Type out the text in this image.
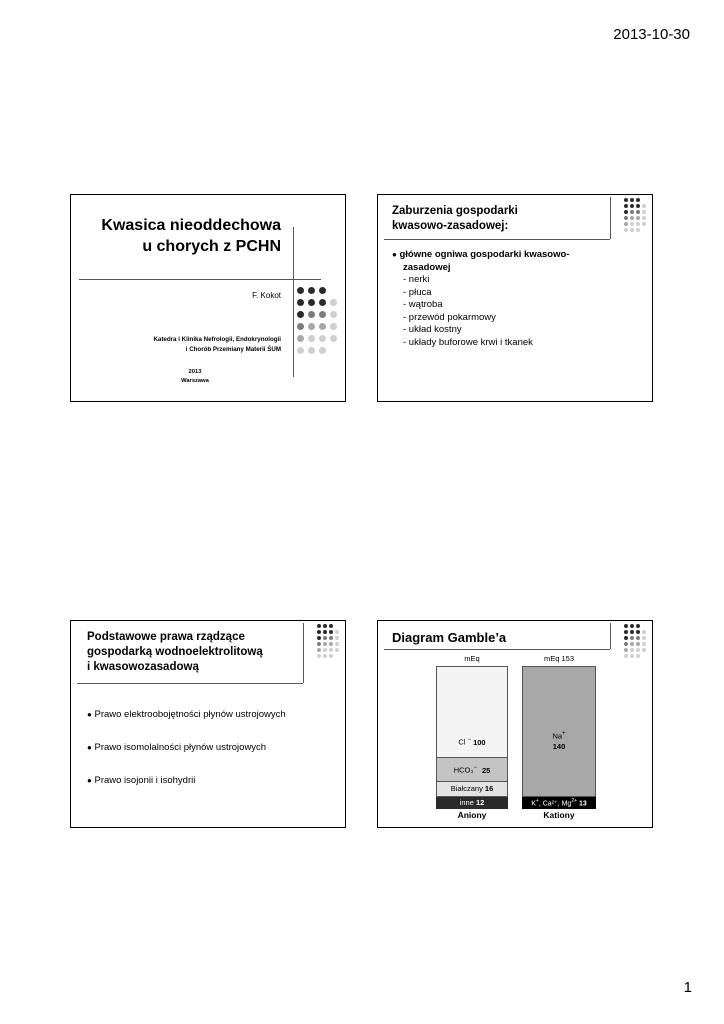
2013-10-30
Kwasica nieoddechowa
u chorych z PCHN
F. Kokot
Katedra i Klinika Nefrologii, Endokrynologii
i Chorób Przemiany Materii ŚUM
2013
Warszawa
Zaburzenia gospodarki
kwasowo-zasadowej:
● główne ogniwa gospodarki kwasowo-
zasadowej
- nerki
- płuca
- wątroba
- przewód pokarmowy
- układ kostny
- układy buforowe krwi i tkanek
Podstawowe prawa rządzące
gospodarką wodnoelektrolitową
i kwasowozasadową
● Prawo elektroobojętności płynów ustrojowych
● Prawo isomolalności płynów ustrojowych
● Prawo isojonii i isohydrii
Diagram Gamble’a
mEq
Cl − 100
HCO₃− 25
Białczany 16
inne 12
Aniony
mEq 153
Na+
140
K+, Ca²⁺, $Mg^{2+}$ 13
Kationy
1
